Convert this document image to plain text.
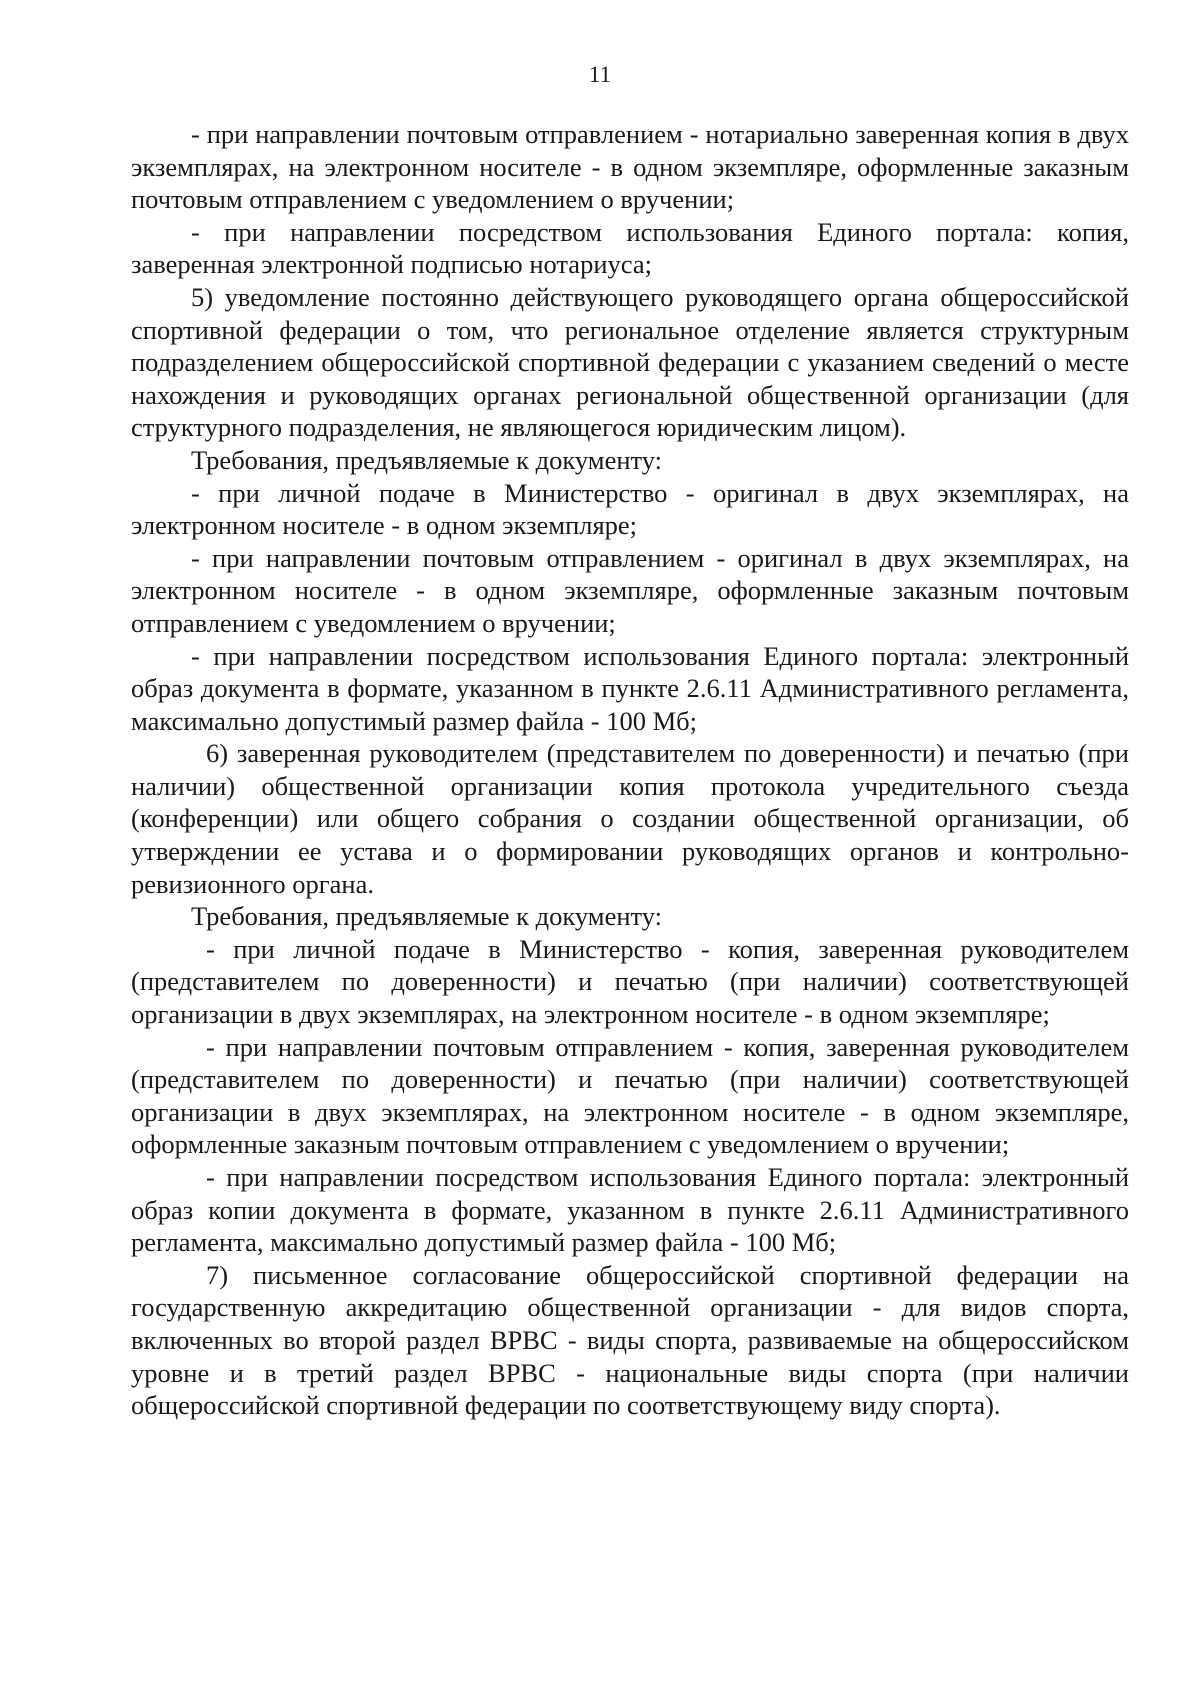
11

- при направлении почтовым отправлением - нотариально заверенная копия в двух экземплярах, на электронном носителе - в одном экземпляре, оформленные заказным почтовым отправлением с уведомлением о вручении;

- при направлении посредством использования Единого портала: копия, заверенная электронной подписью нотариуса;

5) уведомление постоянно действующего руководящего органа общероссийской спортивной федерации о том, что региональное отделение является структурным подразделением общероссийской спортивной федерации с указанием сведений о месте нахождения и руководящих органах региональной общественной организации (для структурного подразделения, не являющегося юридическим лицом).

Требования, предъявляемые к документу:

- при личной подаче в Министерство - оригинал в двух экземплярах, на электронном носителе - в одном экземпляре;

- при направлении почтовым отправлением - оригинал в двух экземплярах, на электронном носителе - в одном экземпляре, оформленные заказным почтовым отправлением с уведомлением о вручении;

- при направлении посредством использования Единого портала: электронный образ документа в формате, указанном в пункте 2.6.11 Административного регламента, максимально допустимый размер файла - 100 Мб;

6) заверенная руководителем (представителем по доверенности) и печатью (при наличии) общественной организации копия протокола учредительного съезда (конференции) или общего собрания о создании общественной организации, об утверждении ее устава и о формировании руководящих органов и контрольно-ревизионного органа.

Требования, предъявляемые к документу:

- при личной подаче в Министерство - копия, заверенная руководителем (представителем по доверенности) и печатью (при наличии) соответствующей организации в двух экземплярах, на электронном носителе - в одном экземпляре;

- при направлении почтовым отправлением - копия, заверенная руководителем (представителем по доверенности) и печатью (при наличии) соответствующей организации в двух экземплярах, на электронном носителе - в одном экземпляре, оформленные заказным почтовым отправлением с уведомлением о вручении;

- при направлении посредством использования Единого портала: электронный образ копии документа в формате, указанном в пункте 2.6.11 Административного регламента, максимально допустимый размер файла - 100 Мб;

7) письменное согласование общероссийской спортивной федерации на государственную аккредитацию общественной организации - для видов спорта, включенных во второй раздел ВРВС - виды спорта, развиваемые на общероссийском уровне и в третий раздел ВРВС - национальные виды спорта (при наличии общероссийской спортивной федерации по соответствующему виду спорта).
